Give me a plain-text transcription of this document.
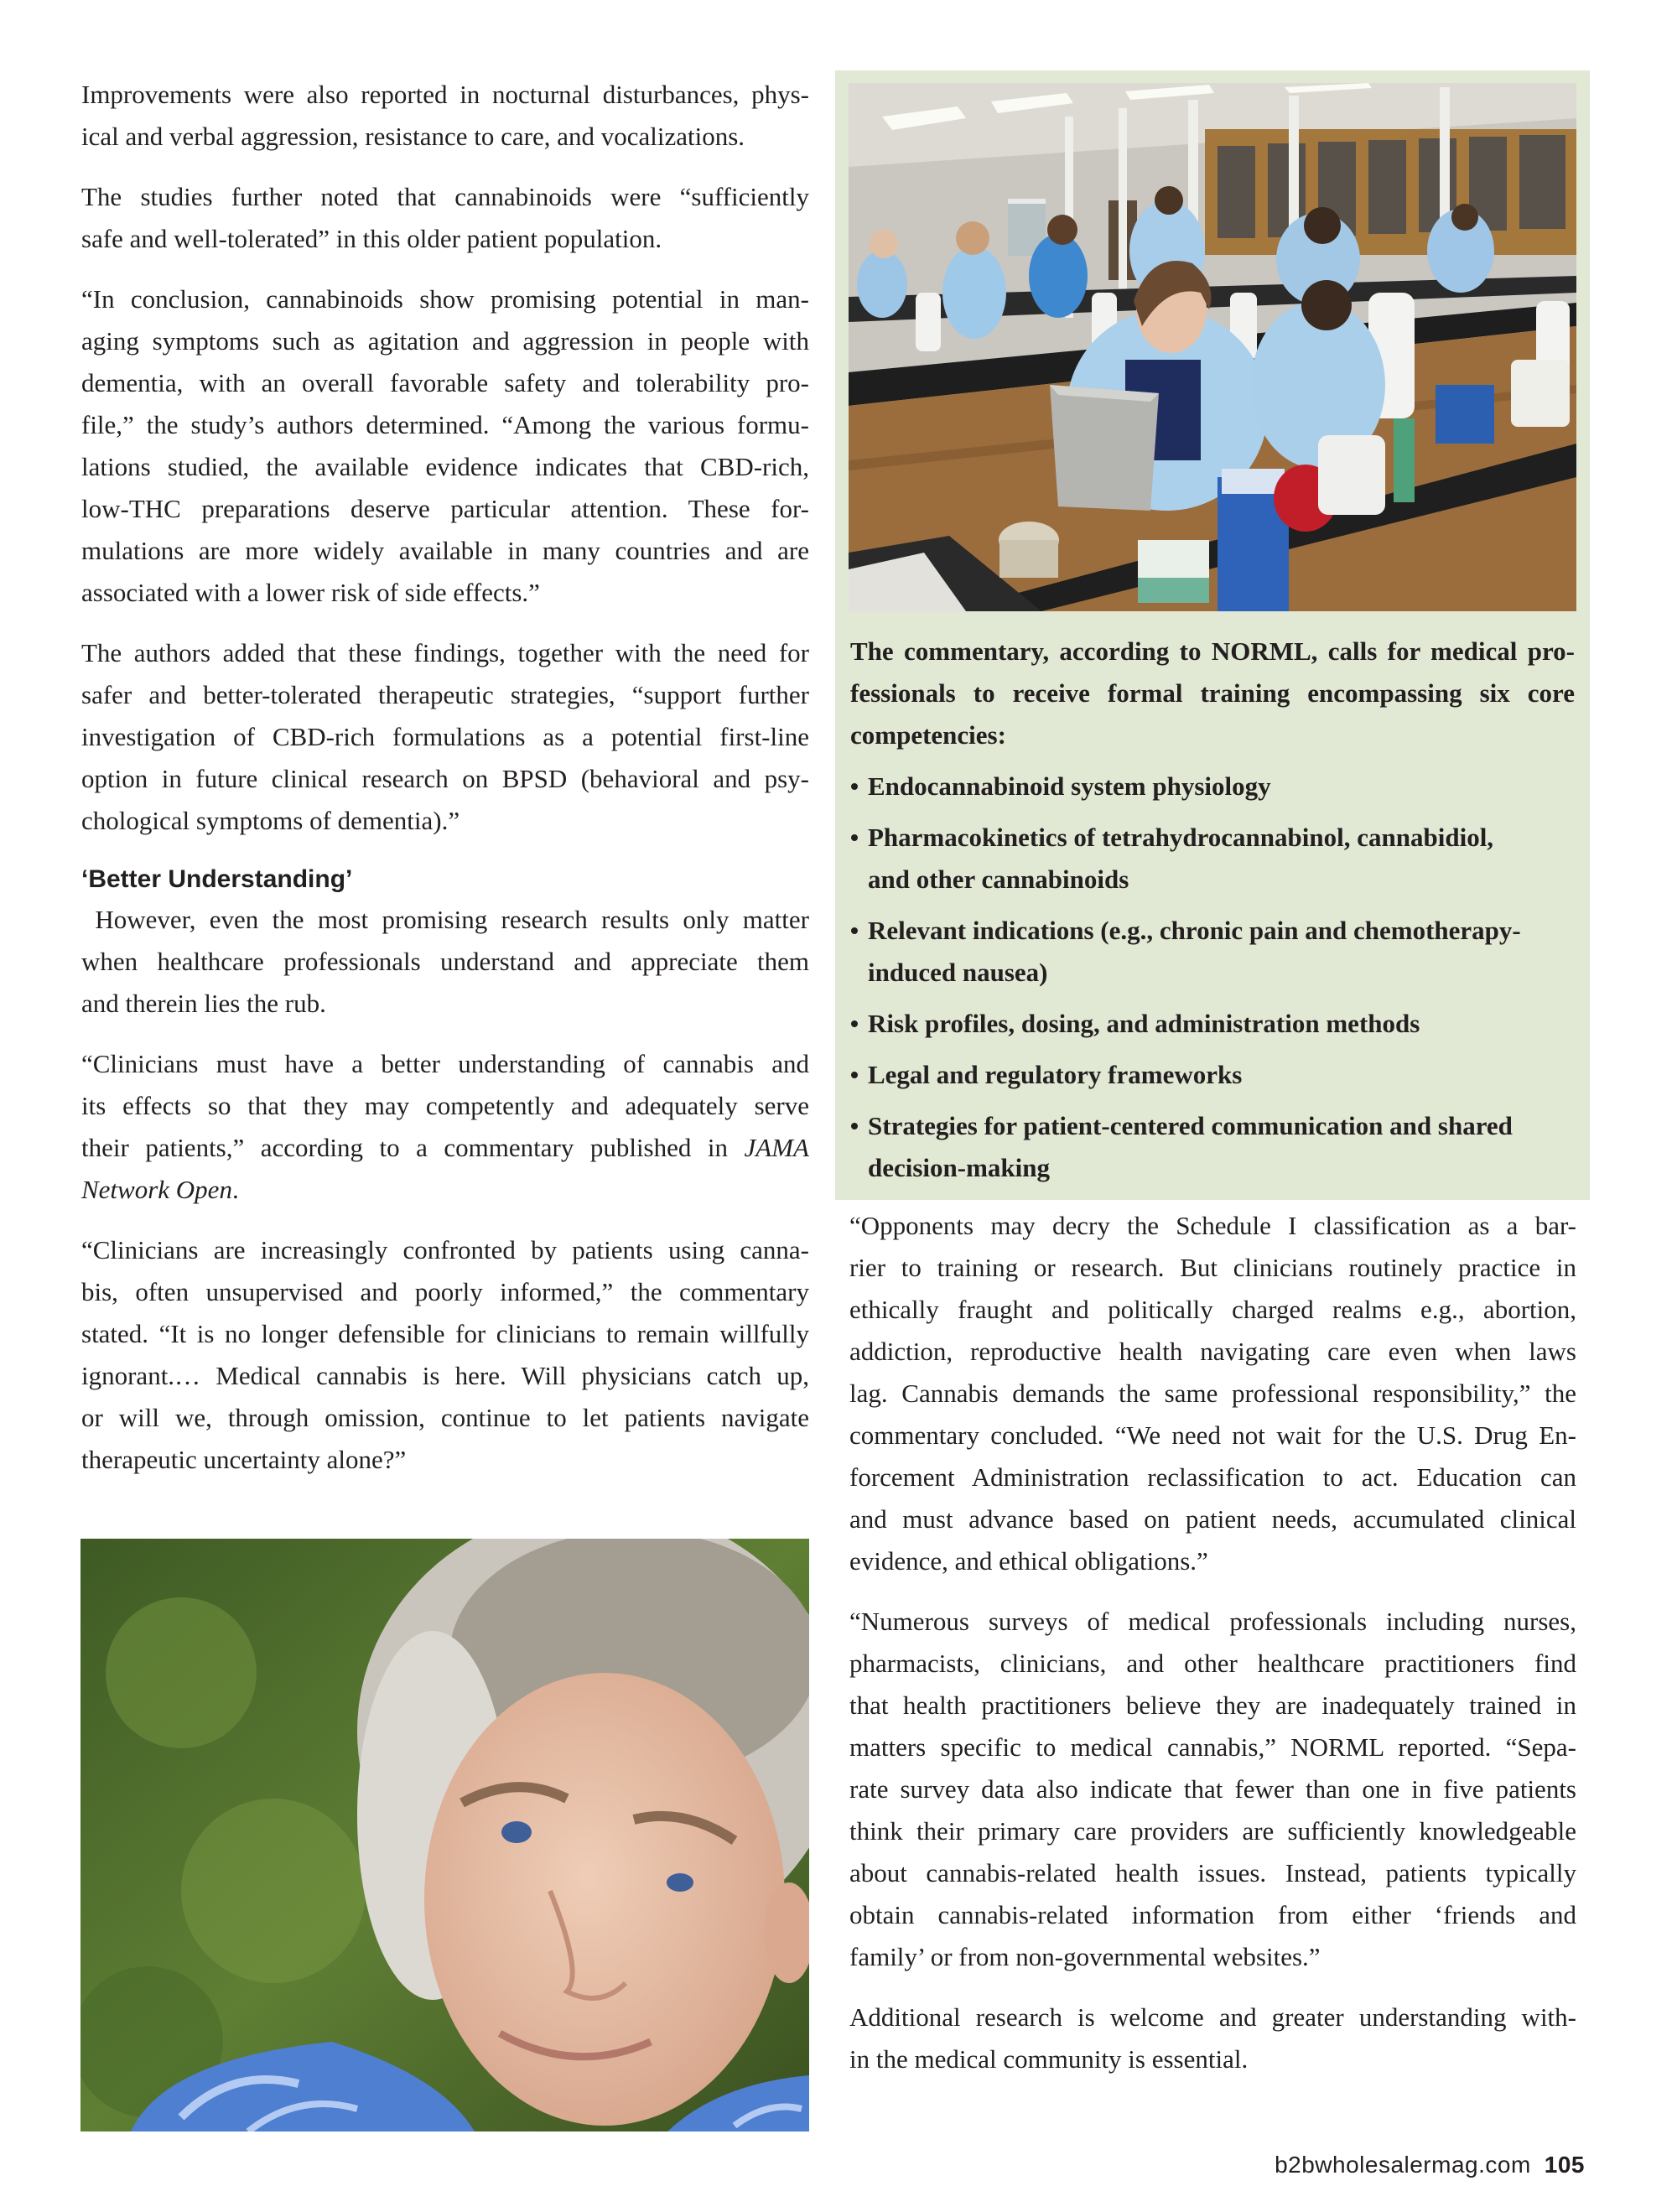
Improvements were also reported in nocturnal disturbances, phys-
ical and verbal aggression, resistance to care, and vocalizations.
The studies further noted that cannabinoids were “sufficiently
safe and well-tolerated” in this older patient population.
“In conclusion, cannabinoids show promising potential in man-
aging symptoms such as agitation and aggression in people with
dementia, with an overall favorable safety and tolerability pro-
file,” the study’s authors determined. “Among the various formu-
lations studied, the available evidence indicates that CBD-rich,
low-THC preparations deserve particular attention. These for-
mulations are more widely available in many countries and are
associated with a lower risk of side effects.”
The authors added that these findings, together with the need for
safer and better-tolerated therapeutic strategies, “support further
investigation of CBD-rich formulations as a potential first-line
option in future clinical research on BPSD (behavioral and psy-
chological symptoms of dementia).”
‘Better Understanding’
However, even the most promising research results only matter
when healthcare professionals understand and appreciate them
and therein lies the rub.
“Clinicians must have a better understanding of cannabis and
its effects so that they may competently and adequately serve
their patients,” according to a commentary published in JAMA
Network Open.
“Clinicians are increasingly confronted by patients using canna-
bis, often unsupervised and poorly informed,” the commentary
stated. “It is no longer defensible for clinicians to remain willfully
ignorant.… Medical cannabis is here. Will physicians catch up,
or will we, through omission, continue to let patients navigate
therapeutic uncertainty alone?”
The commentary, according to NORML, calls for medical pro-
fessionals to receive formal training encompassing six core
competencies:
Endocannabinoid system physiology
Pharmacokinetics of tetrahydrocannabinol, cannabidiol,
and other cannabinoids
Relevant indications (e.g., chronic pain and chemotherapy-
induced nausea)
Risk profiles, dosing, and administration methods
Legal and regulatory frameworks
Strategies for patient-centered communication and shared
decision-making
“Opponents may decry the Schedule I classification as a bar-
rier to training or research. But clinicians routinely practice in
ethically fraught and politically charged realms e.g., abortion,
addiction, reproductive health navigating care even when laws
lag. Cannabis demands the same professional responsibility,” the
commentary concluded. “We need not wait for the U.S. Drug En-
forcement Administration reclassification to act. Education can
and must advance based on patient needs, accumulated clinical
evidence, and ethical obligations.”
“Numerous surveys of medical professionals including nurses,
pharmacists, clinicians, and other healthcare practitioners find
that health practitioners believe they are inadequately trained in
matters specific to medical cannabis,” NORML reported. “Sepa-
rate survey data also indicate that fewer than one in five patients
think their primary care providers are sufficiently knowledgeable
about cannabis-related health issues. Instead, patients typically
obtain cannabis-related information from either ‘friends and
family’ or from non-governmental websites.”
Additional research is welcome and greater understanding with-
in the medical community is essential.
b2bwholesalermag.com 105
